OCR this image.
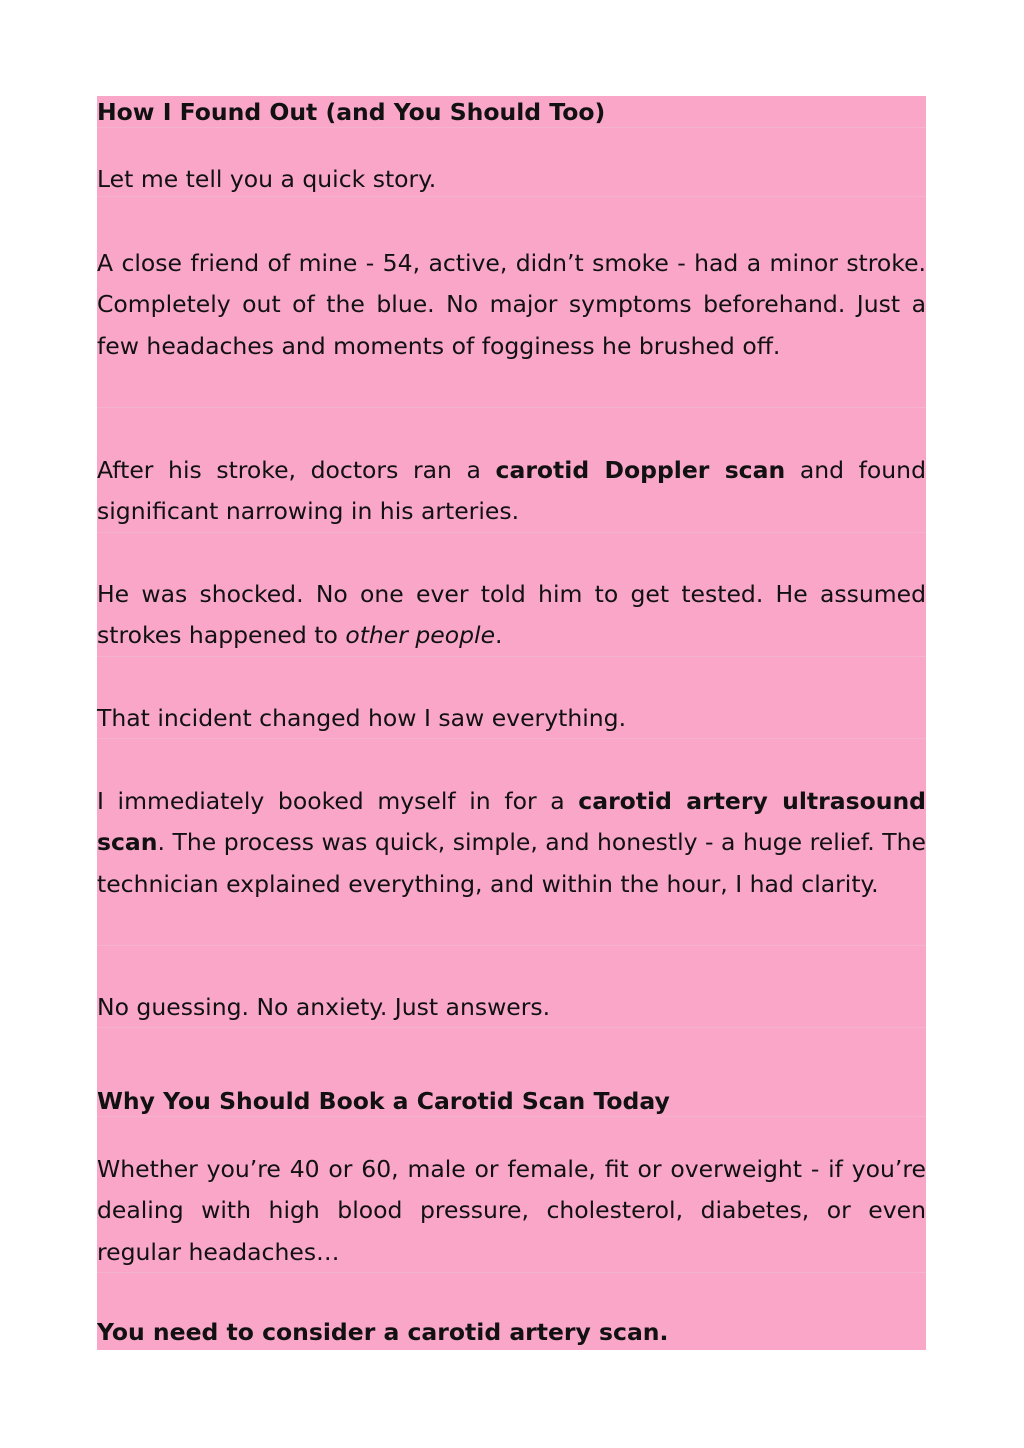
How I Found Out (and You Should Too)

Let me tell you a quick story.

A close friend of mine - 54, active, didn’t smoke - had a minor stroke. Completely out of the blue. No major symptoms beforehand. Just a few headaches and moments of fogginess he brushed off.

After his stroke, doctors ran a carotid Doppler scan and found significant narrowing in his arteries.

He was shocked. No one ever told him to get tested. He assumed strokes happened to other people.

That incident changed how I saw everything.

I immediately booked myself in for a carotid artery ultrasound scan. The process was quick, simple, and honestly - a huge relief. The technician explained everything, and within the hour, I had clarity.

No guessing. No anxiety. Just answers.

Why You Should Book a Carotid Scan Today

Whether you’re 40 or 60, male or female, fit or overweight - if you’re dealing with high blood pressure, cholesterol, diabetes, or even regular headaches…

You need to consider a carotid artery scan.
